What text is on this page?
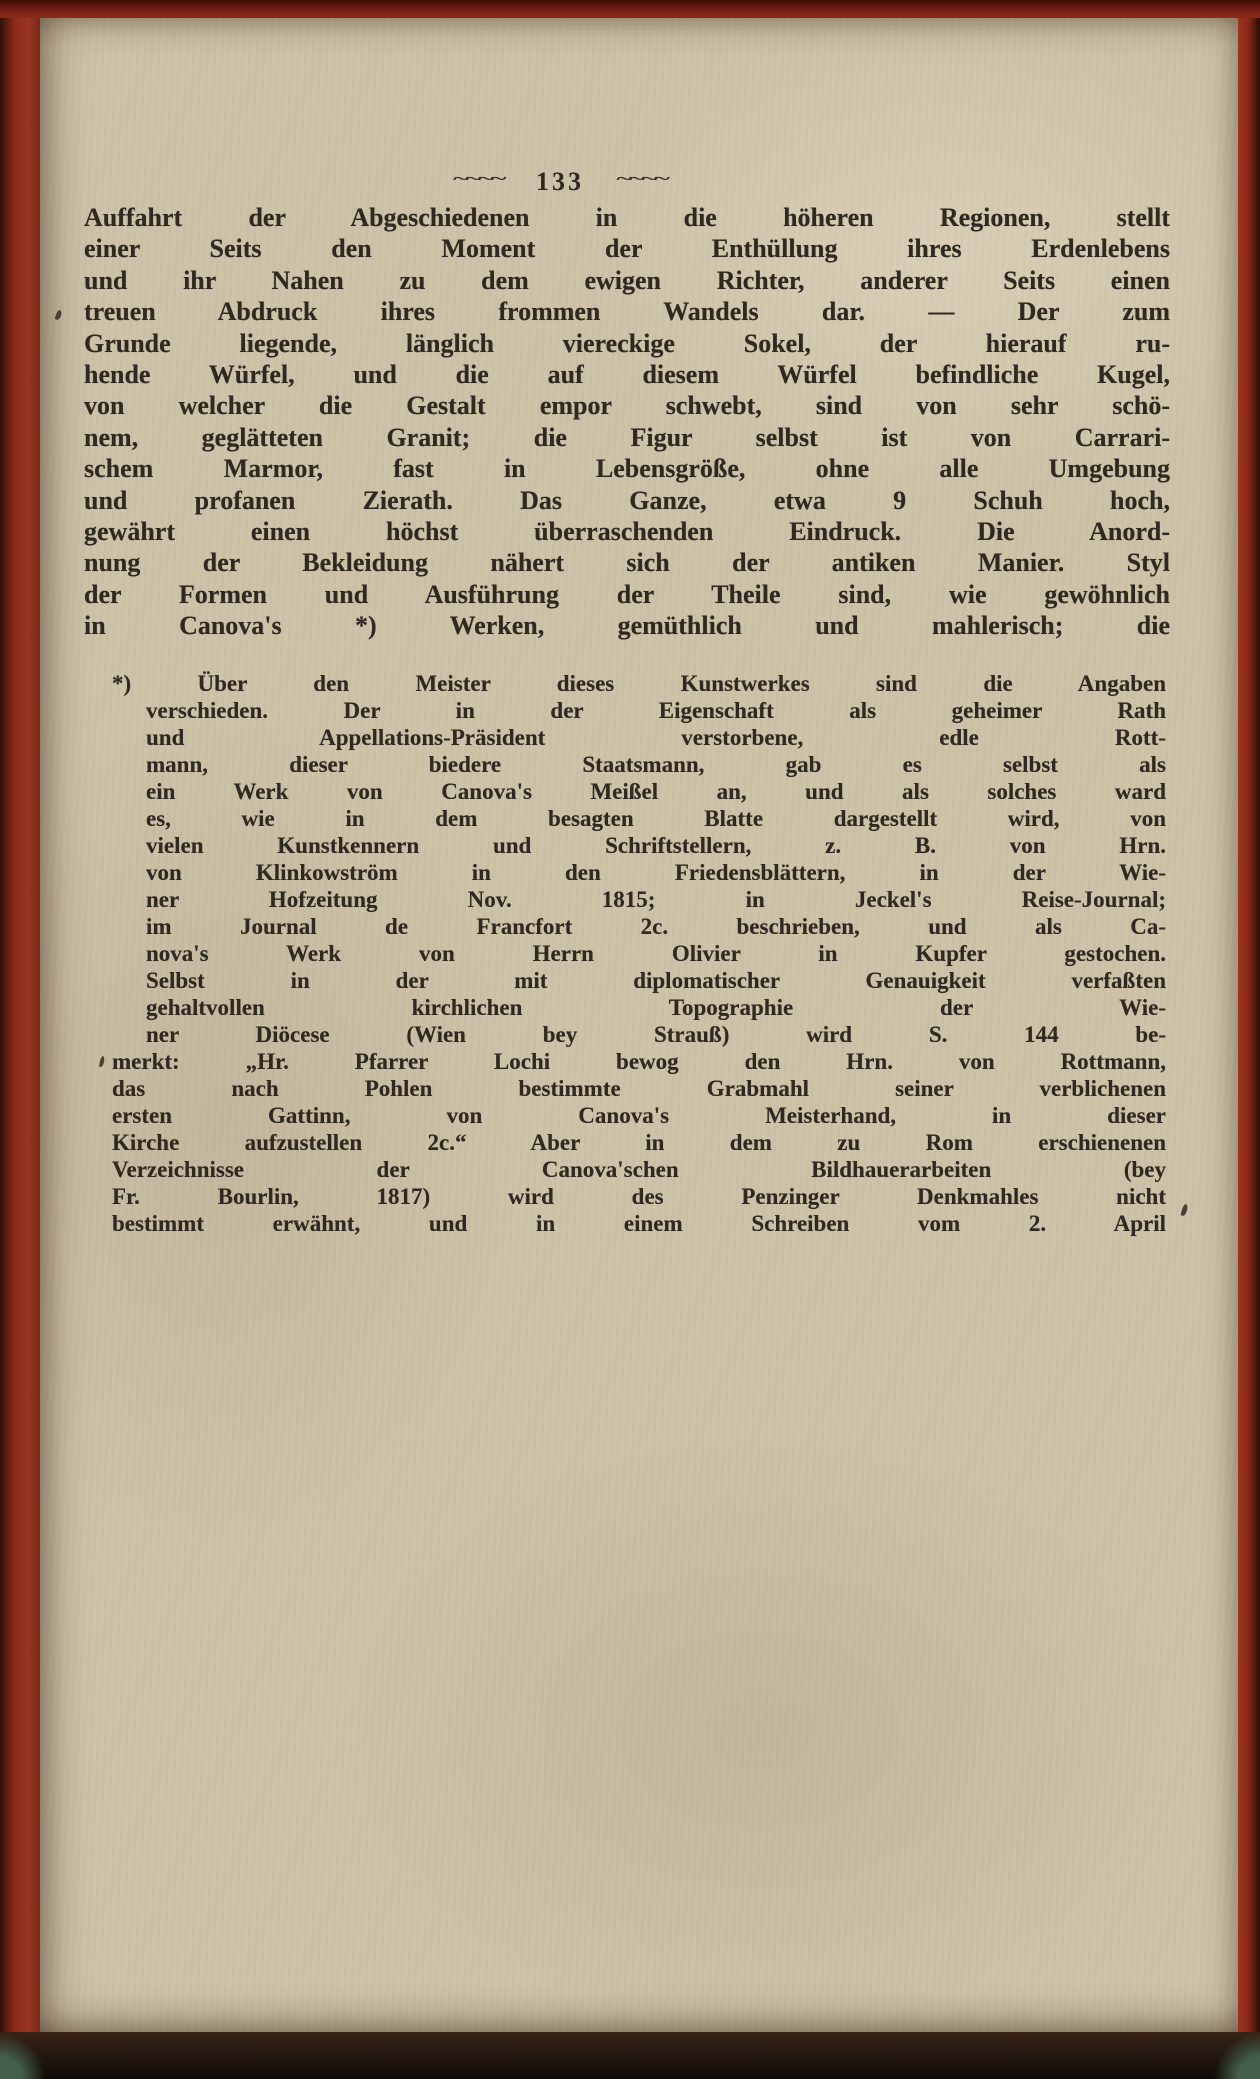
~~~~ 133 ~~~~
Auffahrt der Abgeschiedenen in die höheren Regionen, stellt
einer Seits den Moment der Enthüllung ihres Erdenlebens
und ihr Nahen zu dem ewigen Richter, anderer Seits einen
treuen Abdruck ihres frommen Wandels dar. — Der zum
Grunde liegende, länglich viereckige Sokel, der hierauf ru-
hende Würfel, und die auf diesem Würfel befindliche Kugel,
von welcher die Gestalt empor schwebt, sind von sehr schö-
nem, geglätteten Granit; die Figur selbst ist von Carrari-
schem Marmor, fast in Lebensgröße, ohne alle Umgebung
und profanen Zierath. Das Ganze, etwa 9 Schuh hoch,
gewährt einen höchst überraschenden Eindruck. Die Anord-
nung der Bekleidung nähert sich der antiken Manier. Styl
der Formen und Ausführung der Theile sind, wie gewöhnlich
in Canova's *) Werken, gemüthlich und mahlerisch; die
*) Über den Meister dieses Kunstwerkes sind die Angaben
verschieden. Der in der Eigenschaft als geheimer Rath
und Appellations-Präsident verstorbene, edle Rott-
mann, dieser biedere Staatsmann, gab es selbst als
ein Werk von Canova's Meißel an, und als solches ward
es, wie in dem besagten Blatte dargestellt wird, von
vielen Kunstkennern und Schriftstellern, z. B. von Hrn.
von Klinkowström in den Friedensblättern, in der Wie-
ner Hofzeitung Nov. 1815; in Jeckel's Reise-Journal;
im Journal de Francfort 2c. beschrieben, und als Ca-
nova's Werk von Herrn Olivier in Kupfer gestochen.
Selbst in der mit diplomatischer Genauigkeit verfaßten
gehaltvollen kirchlichen Topographie der Wie-
ner Diöcese (Wien bey Strauß) wird S. 144 be-
merkt: „Hr. Pfarrer Lochi bewog den Hrn. von Rottmann,
das nach Pohlen bestimmte Grabmahl seiner verblichenen
ersten Gattinn, von Canova's Meisterhand, in dieser
Kirche aufzustellen 2c.“ Aber in dem zu Rom erschienenen
Verzeichnisse der Canova'schen Bildhauerarbeiten (bey
Fr. Bourlin, 1817) wird des Penzinger Denkmahles nicht
bestimmt erwähnt, und in einem Schreiben vom 2. April
